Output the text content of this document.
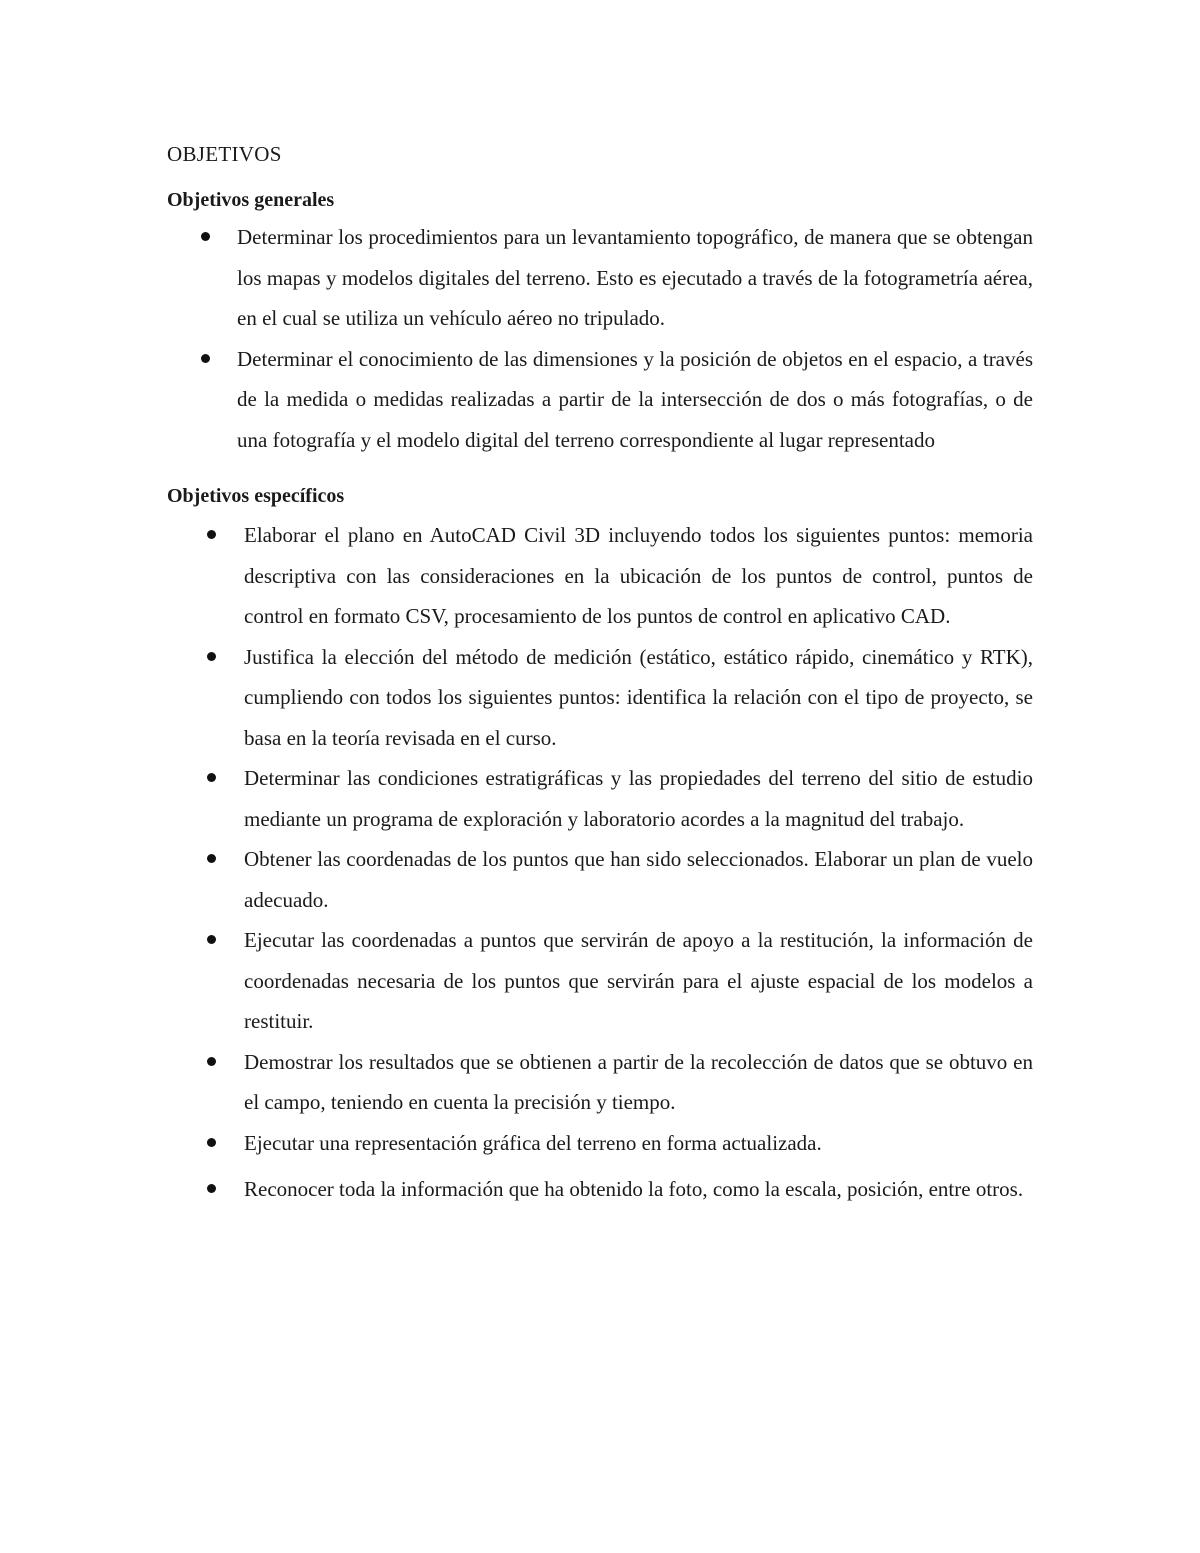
OBJETIVOS

Objetivos generales

Determinar los procedimientos para un levantamiento topográfico, de manera que se obtengan los mapas y modelos digitales del terreno. Esto es ejecutado a través de la fotogrametría aérea, en el cual se utiliza un vehículo aéreo no tripulado.
Determinar el conocimiento de las dimensiones y la posición de objetos en el espacio, a través de la medida o medidas realizadas a partir de la intersección de dos o más fotografías, o de una fotografía y el modelo digital del terreno correspondiente al lugar representado

Objetivos específicos

Elaborar el plano en AutoCAD Civil 3D incluyendo todos los siguientes puntos: memoria descriptiva con las consideraciones en la ubicación de los puntos de control, puntos de control en formato CSV, procesamiento de los puntos de control en aplicativo CAD.
Justifica la elección del método de medición (estático, estático rápido, cinemático y RTK), cumpliendo con todos los siguientes puntos: identifica la relación con el tipo de proyecto, se basa en la teoría revisada en el curso.
Determinar las condiciones estratigráficas y las propiedades del terreno del sitio de estudio mediante un programa de exploración y laboratorio acordes a la magnitud del trabajo.
Obtener las coordenadas de los puntos que han sido seleccionados. Elaborar un plan de vuelo adecuado.
Ejecutar las coordenadas a puntos que servirán de apoyo a la restitución, la información de coordenadas necesaria de los puntos que servirán para el ajuste espacial de los modelos a restituir.
Demostrar los resultados que se obtienen a partir de la recolección de datos que se obtuvo en el campo, teniendo en cuenta la precisión y tiempo.
Ejecutar una representación gráfica del terreno en forma actualizada.
Reconocer toda la información que ha obtenido la foto, como la escala, posición, entre otros.
